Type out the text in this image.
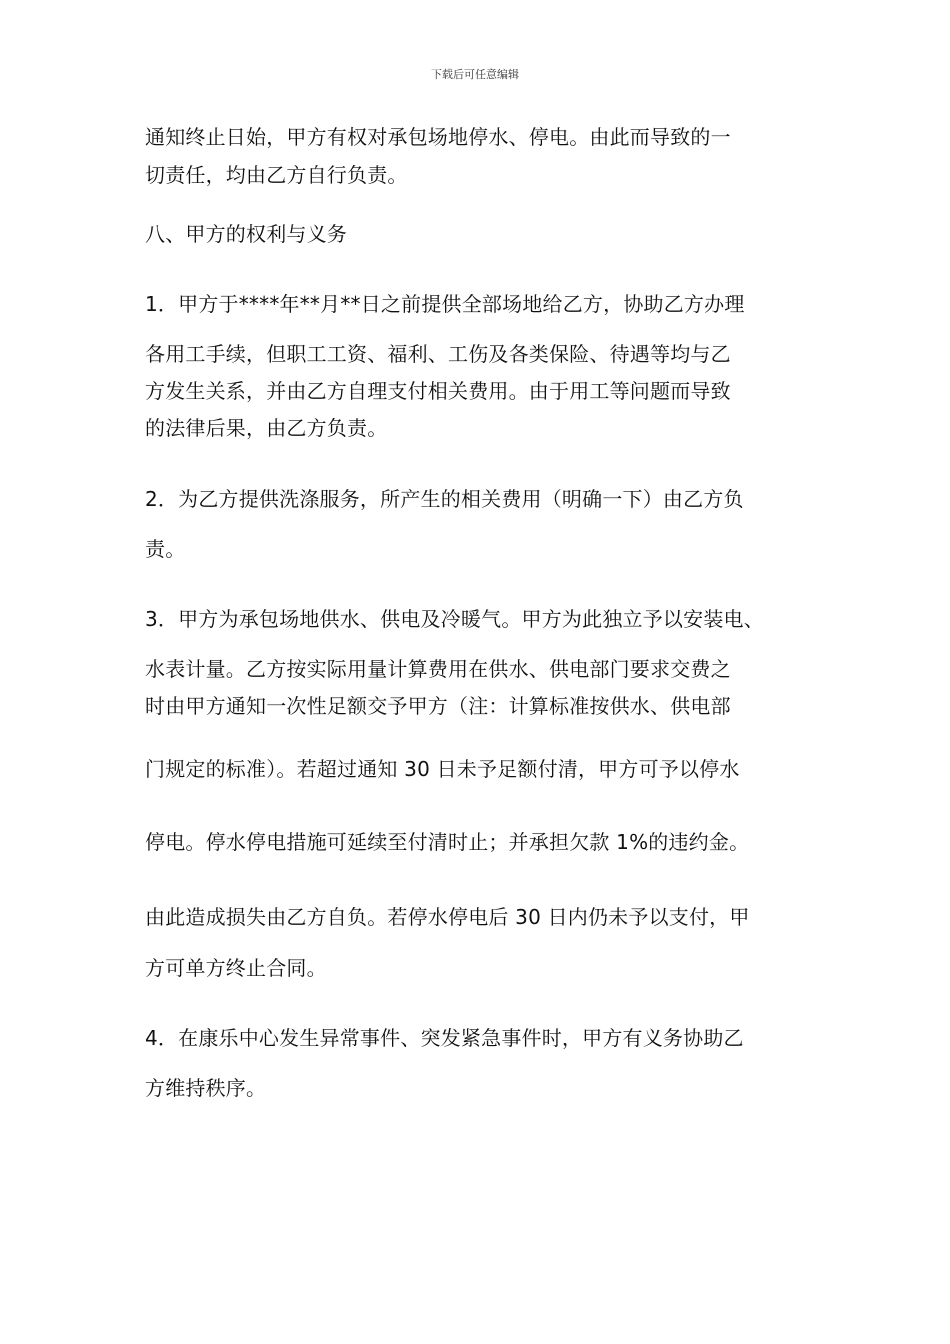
下载后可任意编辑
通知终止日始，甲方有权对承包场地停水、停电。由此而导致的一
切责任，均由乙方自行负责。
八、甲方的权利与义务
1．甲方于****年**月**日之前提供全部场地给乙方，协助乙方办理
各用工手续，但职工工资、福利、工伤及各类保险、待遇等均与乙
方发生关系，并由乙方自理支付相关费用。由于用工等问题而导致
的法律后果，由乙方负责。
2．为乙方提供洗涤服务，所产生的相关费用（明确一下）由乙方负
责。
3．甲方为承包场地供水、供电及冷暖气。甲方为此独立予以安装电、
水表计量。乙方按实际用量计算费用在供水、供电部门要求交费之
时由甲方通知一次性足额交予甲方（注：计算标准按供水、供电部
门规定的标准）。若超过通知 30 日未予足额付清，甲方可予以停水
停电。停水停电措施可延续至付清时止；并承担欠款 1%的违约金。
由此造成损失由乙方自负。若停水停电后 30 日内仍未予以支付，甲
方可单方终止合同。
4．在康乐中心发生异常事件、突发紧急事件时，甲方有义务协助乙
方维持秩序。
